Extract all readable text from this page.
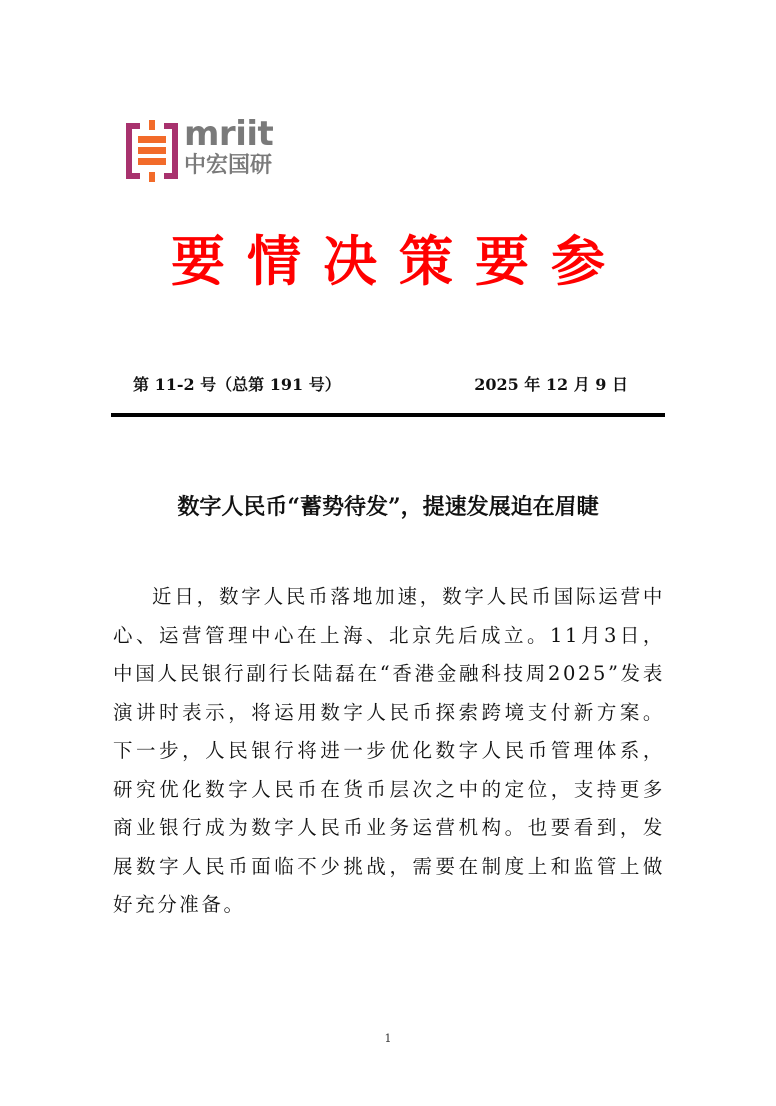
mriit
中宏国研
要情决策要参
第 11-2 号（总第 191 号）	2025 年 12 月 9 日
数字人民币“蓄势待发”，提速发展迫在眉睫
近日，数字人民币落地加速，数字人民币国际运营中心、运营管理中心在上海、北京先后成立。11月3日，中国人民银行副行长陆磊在“香港金融科技周2025”发表演讲时表示，将运用数字人民币探索跨境支付新方案。下一步，人民银行将进一步优化数字人民币管理体系，研究优化数字人民币在货币层次之中的定位，支持更多商业银行成为数字人民币业务运营机构。也要看到，发展数字人民币面临不少挑战，需要在制度上和监管上做好充分准备。
1
